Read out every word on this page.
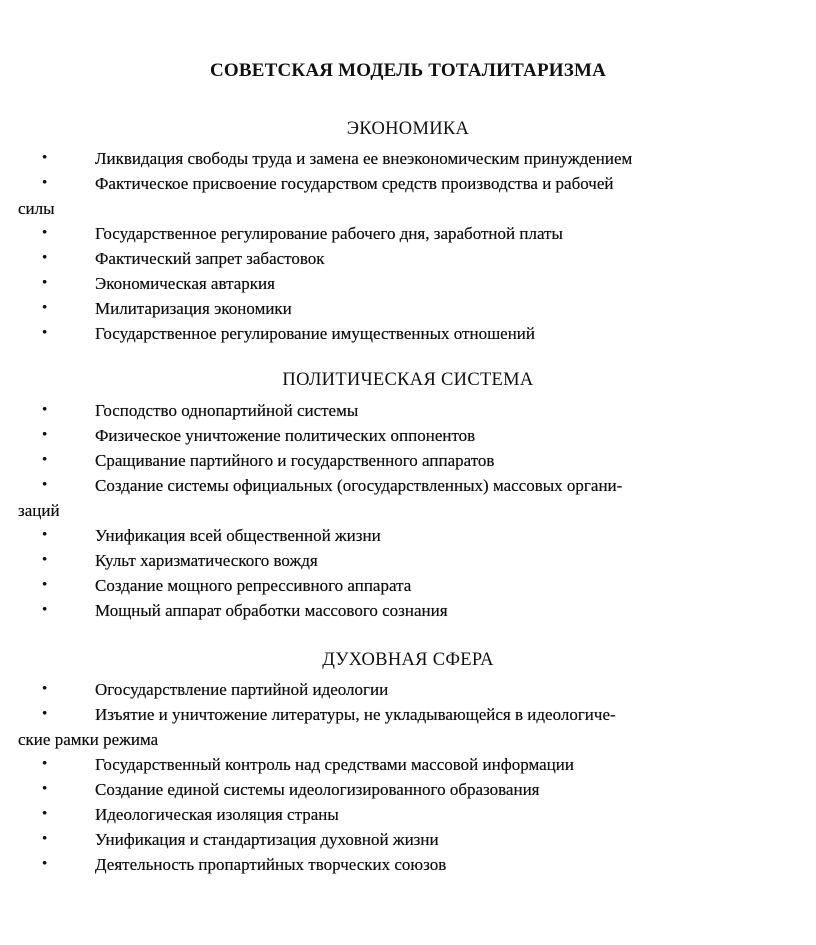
СОВЕТСКАЯ МОДЕЛЬ ТОТАЛИТАРИЗМА
ЭКОНОМИКА
•	Ликвидация свободы труда и замена ее внеэкономическим принуждением
•	Фактическое присвоение государством средств производства и рабочей
силы
•	Государственное регулирование рабочего дня, заработной платы
•	Фактический запрет забастовок
•	Экономическая автаркия
•	Милитаризация экономики
•	Государственное регулирование имущественных отношений
ПОЛИТИЧЕСКАЯ СИСТЕМА
•	Господство однопартийной системы
•	Физическое уничтожение политических оппонентов
•	Сращивание партийного и государственного аппаратов
•	Создание системы официальных (огосударствленных) массовых органи-
заций
•	Унификация всей общественной жизни
•	Культ харизматического вождя
•	Создание мощного репрессивного аппарата
•	Мощный аппарат обработки массового сознания
ДУХОВНАЯ СФЕРА
•	Огосударствление партийной идеологии
•	Изъятие и уничтожение литературы, не укладывающейся в идеологиче-
ские рамки режима
•	Государственный контроль над средствами массовой информации
•	Создание единой системы идеологизированного образования
•	Идеологическая изоляция страны
•	Унификация и стандартизация духовной жизни
•	Деятельность пропартийных творческих союзов
